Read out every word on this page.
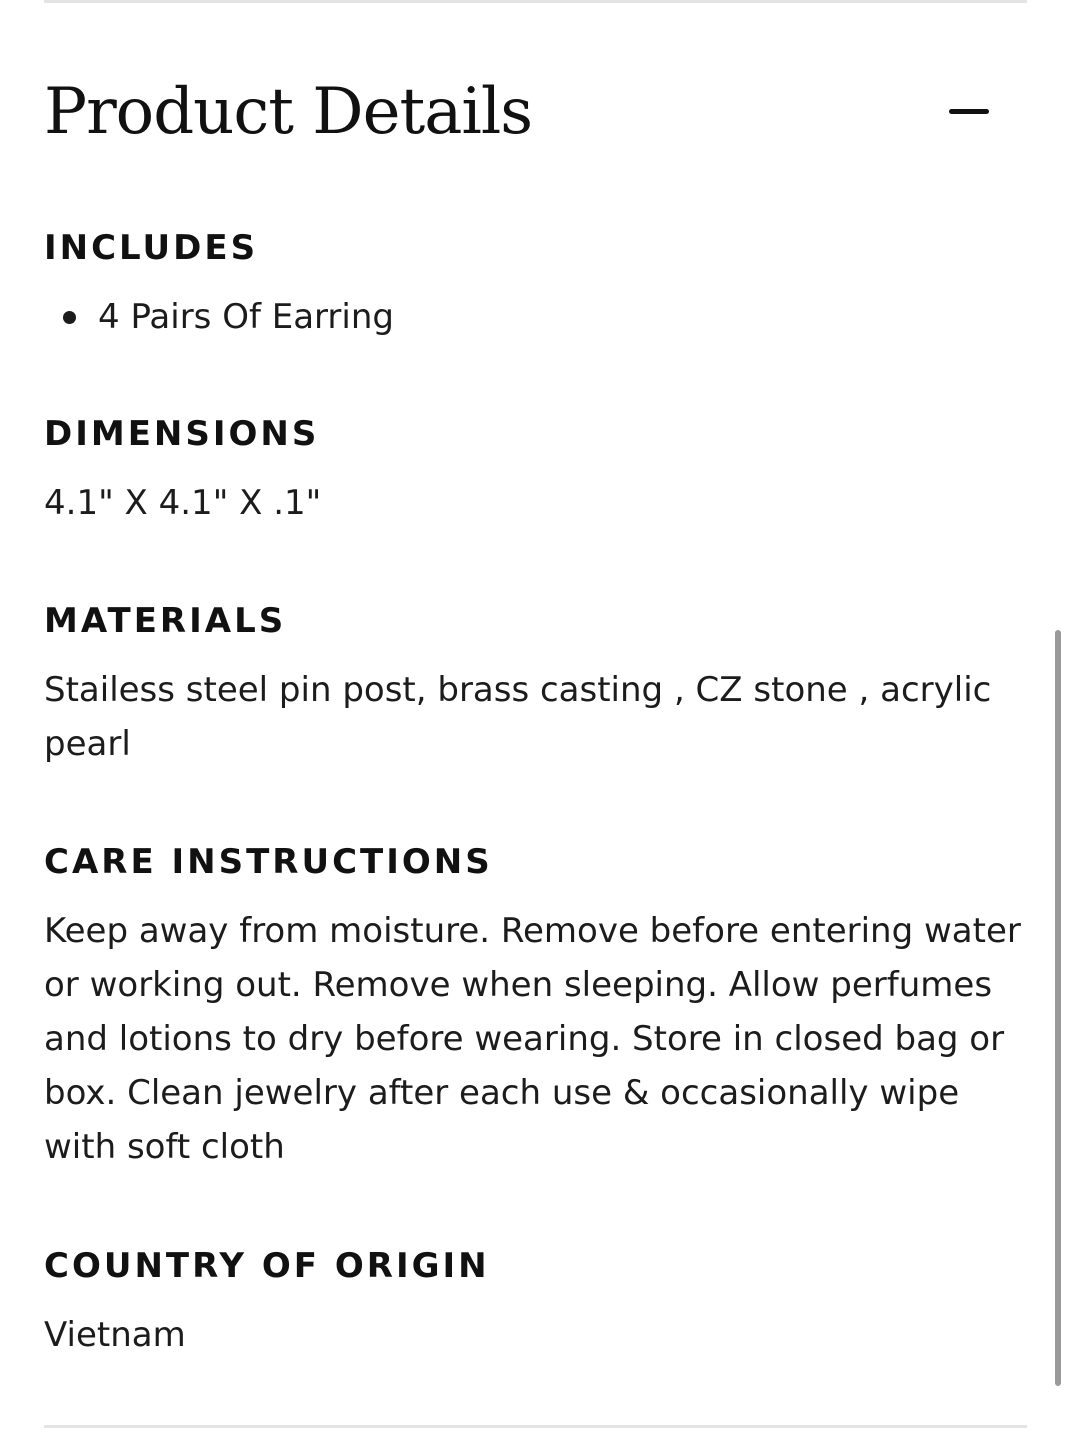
Product Details
INCLUDES
4 Pairs Of Earring
DIMENSIONS

4.1" X 4.1" X .1"

MATERIALS

Stailess steel pin post, brass casting , CZ stone , acrylic pearl

CARE INSTRUCTIONS

Keep away from moisture. Remove before entering water or working out. Remove when sleeping. Allow perfumes and lotions to dry before wearing. Store in closed bag or box. Clean jewelry after each use & occasionally wipe with soft cloth

COUNTRY OF ORIGIN

Vietnam
